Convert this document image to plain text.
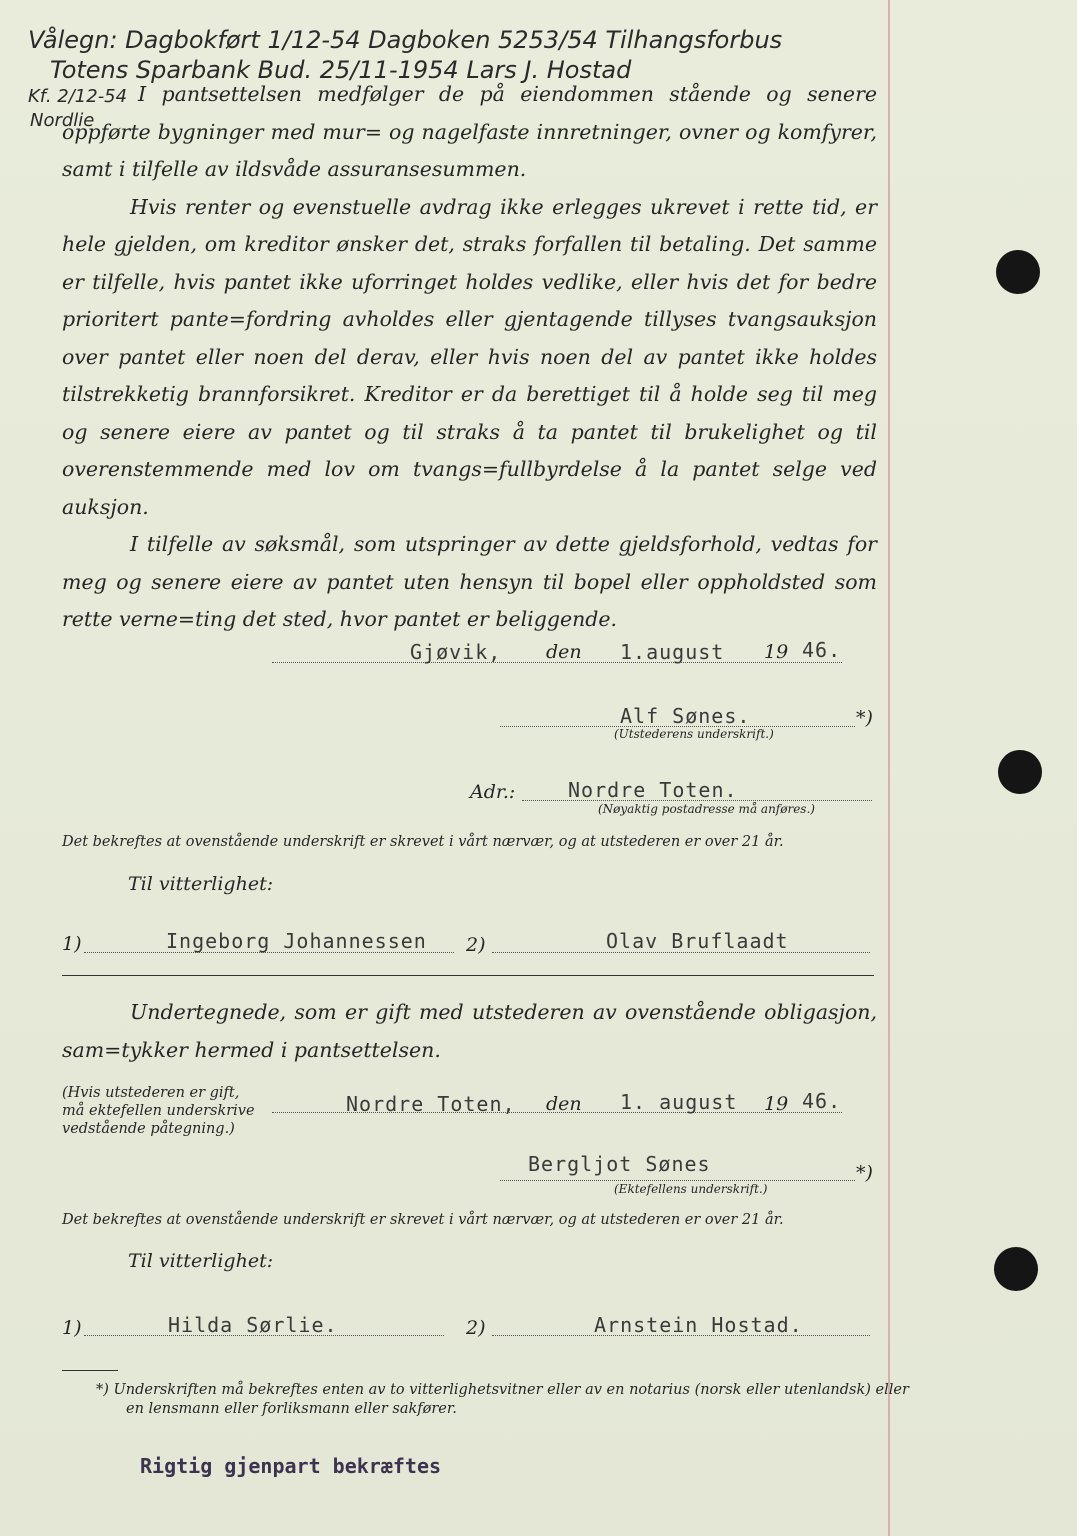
Vålegn: Dagbokført 1/12-54 Dagboken 5253/54 Tilhangsforbus
Totens Sparbank Bud. 25/11-1954 Lars J. Hostad
Kf. 2/12-54
Nordlie

I pantsettelsen medfølger de på eiendommen stående og senere oppførte bygninger med mur= og nagelfaste innretninger, ovner og komfyrer, samt i tilfelle av ildsvåde assuransesummen.

Hvis renter og evenstuelle avdrag ikke erlegges ukrevet i rette tid, er hele gjelden, om kreditor ønsker det, straks forfallen til betaling. Det samme er tilfelle, hvis pantet ikke uforringet holdes vedlike, eller hvis det for bedre prioritert pante=fordring avholdes eller gjentagende tillyses tvangsauksjon over pantet eller noen del derav, eller hvis noen del av pantet ikke holdes tilstrekketig brannforsikret. Kreditor er da berettiget til å holde seg til meg og senere eiere av pantet og til straks å ta pantet til brukelighet og til overenstemmende med lov om tvangs=fullbyrdelse å la pantet selge ved auksjon.

I tilfelle av søksmål, som utspringer av dette gjeldsforhold, vedtas for meg og senere eiere av pantet uten hensyn til bopel eller oppholdsted som rette verne=ting det sted, hvor pantet er beliggende.

Gjøvik, den 1.august 19 46.
Alf Sønes.	*)
(Utstederens underskrift.)
Adr.:	Nordre Toten.
(Nøyaktig postadresse må anføres.)
Det bekreftes at ovenstående underskrift er skrevet i vårt nærvær, og at utstederen er over 21 år.
Til vitterlighet:
1)	Ingeborg Johannessen 2)	Olav Bruflaadt
Undertegnede, som er gift med utstederen av ovenstående obligasjon, sam=tykker hermed i pantsettelsen.
(Hvis utstederen er gift,
må ektefellen underskrive
vedstående påtegning.)
Nordre Toten, den 1. august 19 46.
Bergljot Sønes	*)
(Ektefellens underskrift.)
Det bekreftes at ovenstående underskrift er skrevet i vårt nærvær, og at utstederen er over 21 år.
Til vitterlighet:
1)	Hilda Sørlie.	2)	Arnstein Hostad.
*) Underskriften må bekreftes enten av to vitterlighetsvitner eller av en notarius (norsk eller utenlandsk) eller
en lensmann eller forliksmann eller sakfører.
Rigtig gjenpart bekræftes
